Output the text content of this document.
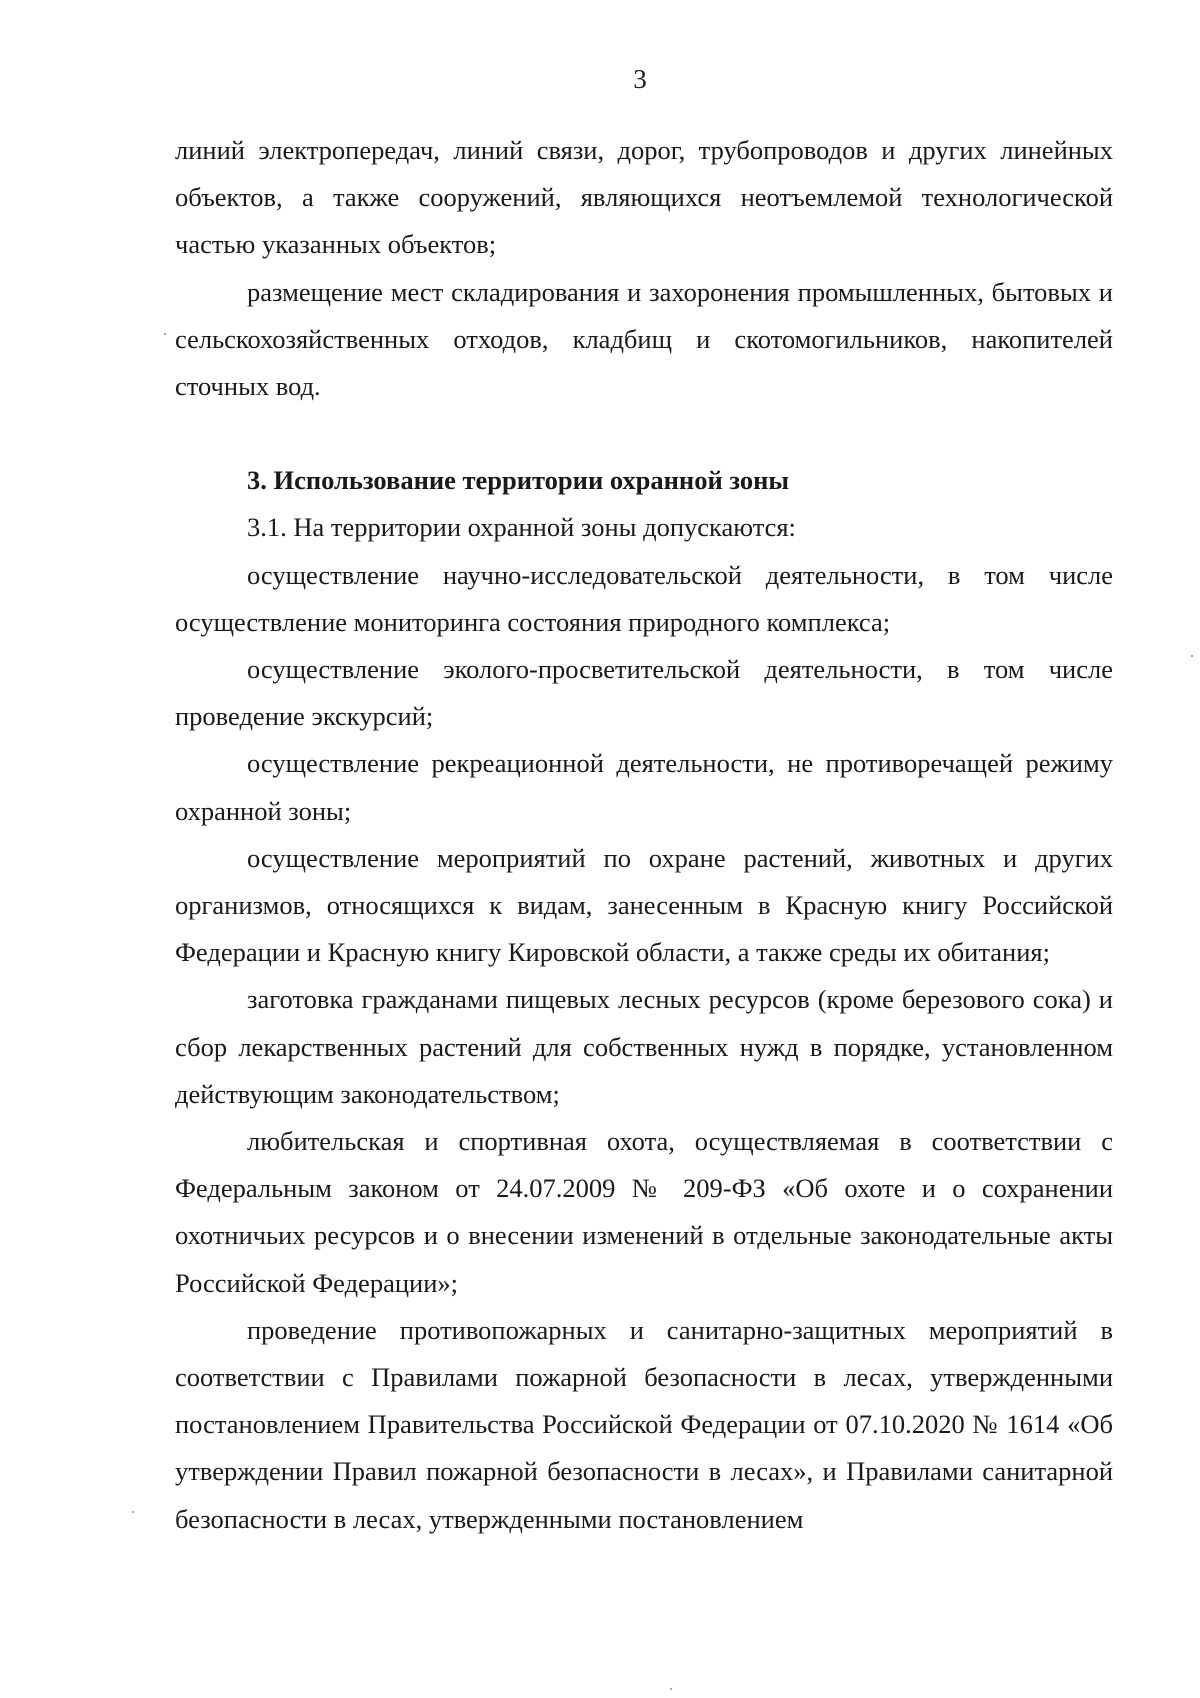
3

линий электропередач, линий связи, дорог, трубопроводов и других линейных объектов, а также сооружений, являющихся неотъемлемой технологической частью указанных объектов;

размещение мест складирования и захоронения промышленных, бытовых и сельскохозяйственных отходов, кладбищ и скотомогильников, накопителей сточных вод.

3. Использование территории охранной зоны

3.1. На территории охранной зоны допускаются:

осуществление научно-исследовательской деятельности, в том числе осуществление мониторинга состояния природного комплекса;

осуществление эколого-просветительской деятельности, в том числе проведение экскурсий;

осуществление рекреационной деятельности, не противоречащей режиму охранной зоны;

осуществление мероприятий по охране растений, животных и других организмов, относящихся к видам, занесенным в Красную книгу Российской Федерации и Красную книгу Кировской области, а также среды их обитания;

заготовка гражданами пищевых лесных ресурсов (кроме березового сока) и сбор лекарственных растений для собственных нужд в порядке, установленном действующим законодательством;

любительская и спортивная охота, осуществляемая в соответствии с Федеральным законом от 24.07.2009 № 209-ФЗ «Об охоте и о сохранении охотничьих ресурсов и о внесении изменений в отдельные законодательные акты Российской Федерации»;

проведение противопожарных и санитарно-защитных мероприятий в соответствии с Правилами пожарной безопасности в лесах, утвержденными постановлением Правительства Российской Федерации от 07.10.2020 № 1614 «Об утверждении Правил пожарной безопасности в лесах», и Правилами санитарной безопасности в лесах, утвержденными постановлением
